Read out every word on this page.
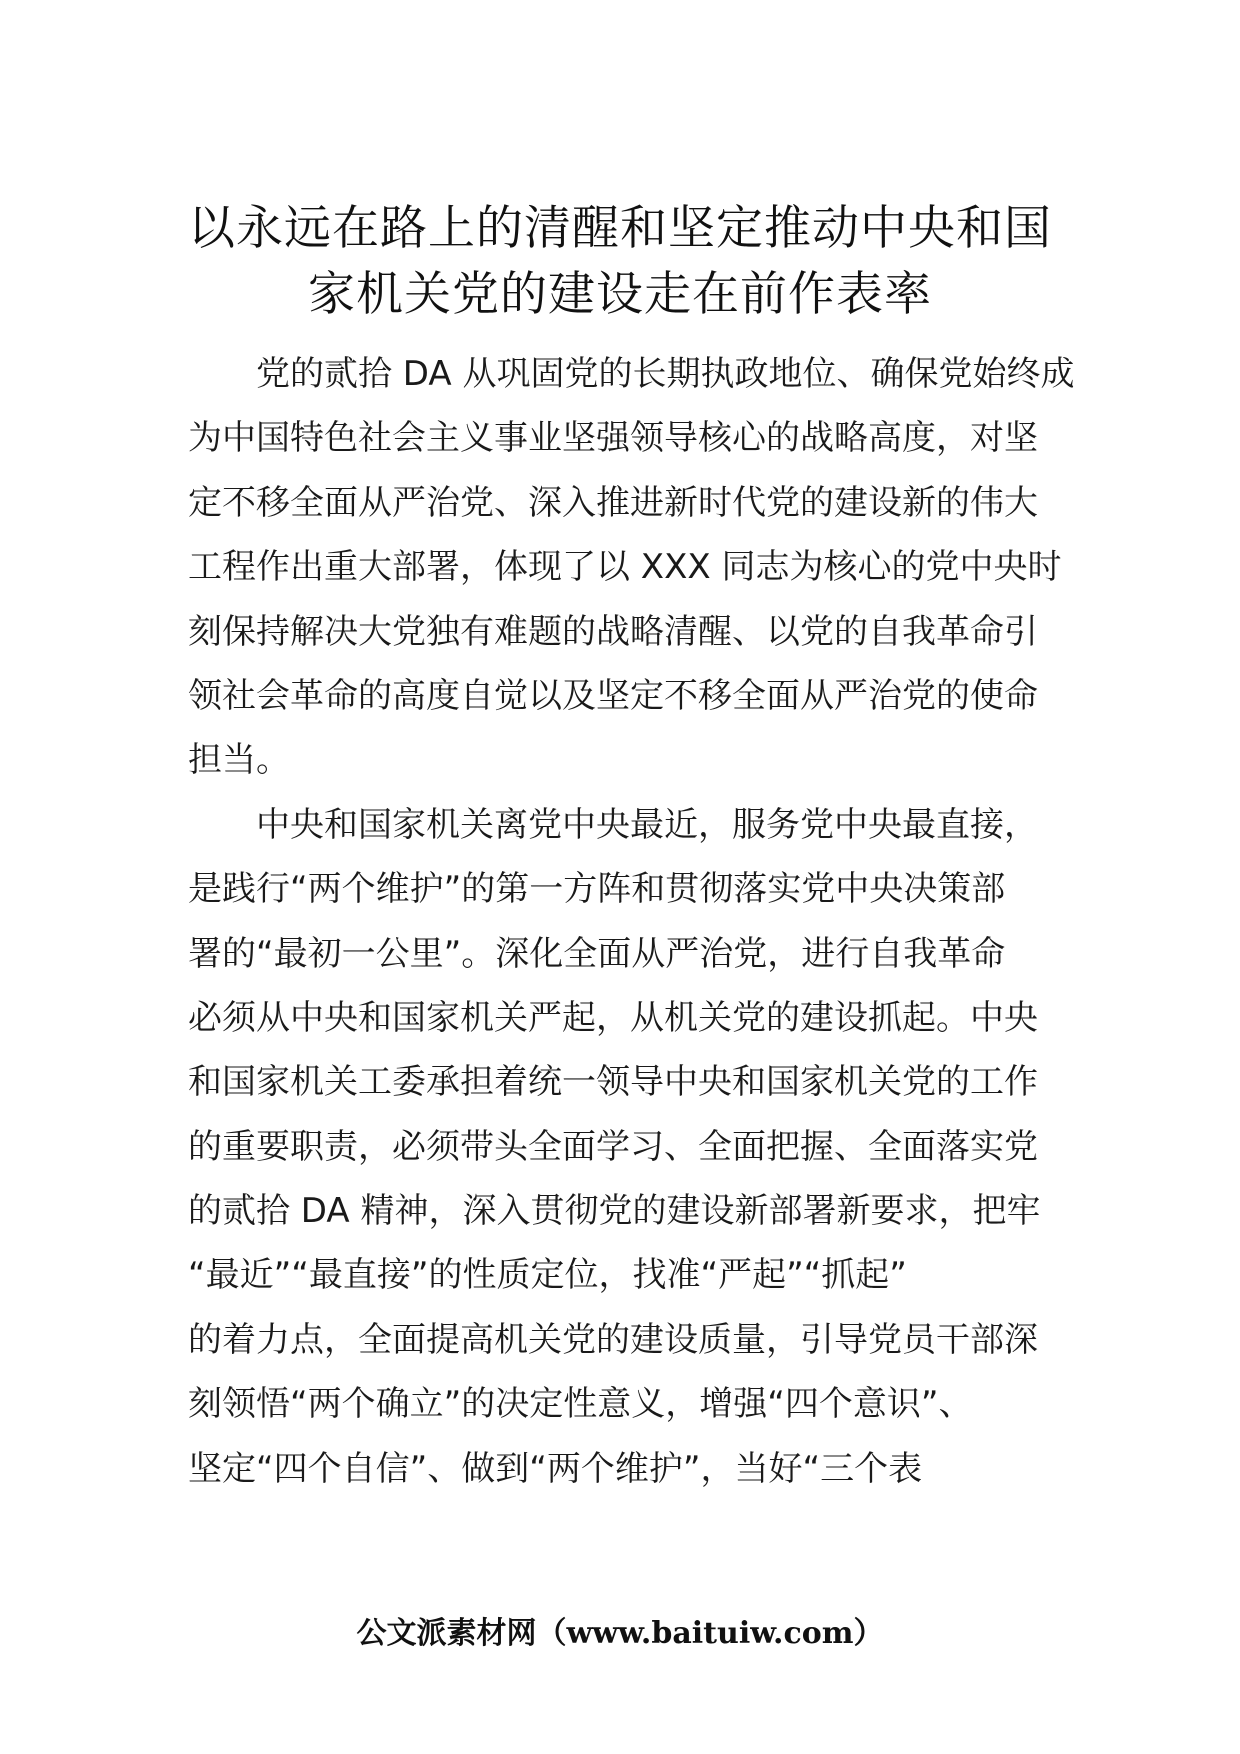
以永远在路上的清醒和坚定推动中央和国
家机关党的建设走在前作表率
党的贰拾 DA 从巩固党的长期执政地位、确保党始终成
为中国特色社会主义事业坚强领导核心的战略高度，对坚
定不移全面从严治党、深入推进新时代党的建设新的伟大
工程作出重大部署，体现了以 XXX 同志为核心的党中央时
刻保持解决大党独有难题的战略清醒、以党的自我革命引
领社会革命的高度自觉以及坚定不移全面从严治党的使命
担当。
中央和国家机关离党中央最近，服务党中央最直接，
是践行“两个维护”的第一方阵和贯彻落实党中央决策部
署的“最初一公里”。深化全面从严治党，进行自我革命
必须从中央和国家机关严起，从机关党的建设抓起。中央
和国家机关工委承担着统一领导中央和国家机关党的工作
的重要职责，必须带头全面学习、全面把握、全面落实党
的贰拾 DA 精神，深入贯彻党的建设新部署新要求，把牢
“最近”“最直接”的性质定位，找准“严起”“抓起”
的着力点，全面提高机关党的建设质量，引导党员干部深
刻领悟“两个确立”的决定性意义，增强“四个意识”、
坚定“四个自信”、做到“两个维护”，当好“三个表
公文派素材网（www.baituiw.com）
